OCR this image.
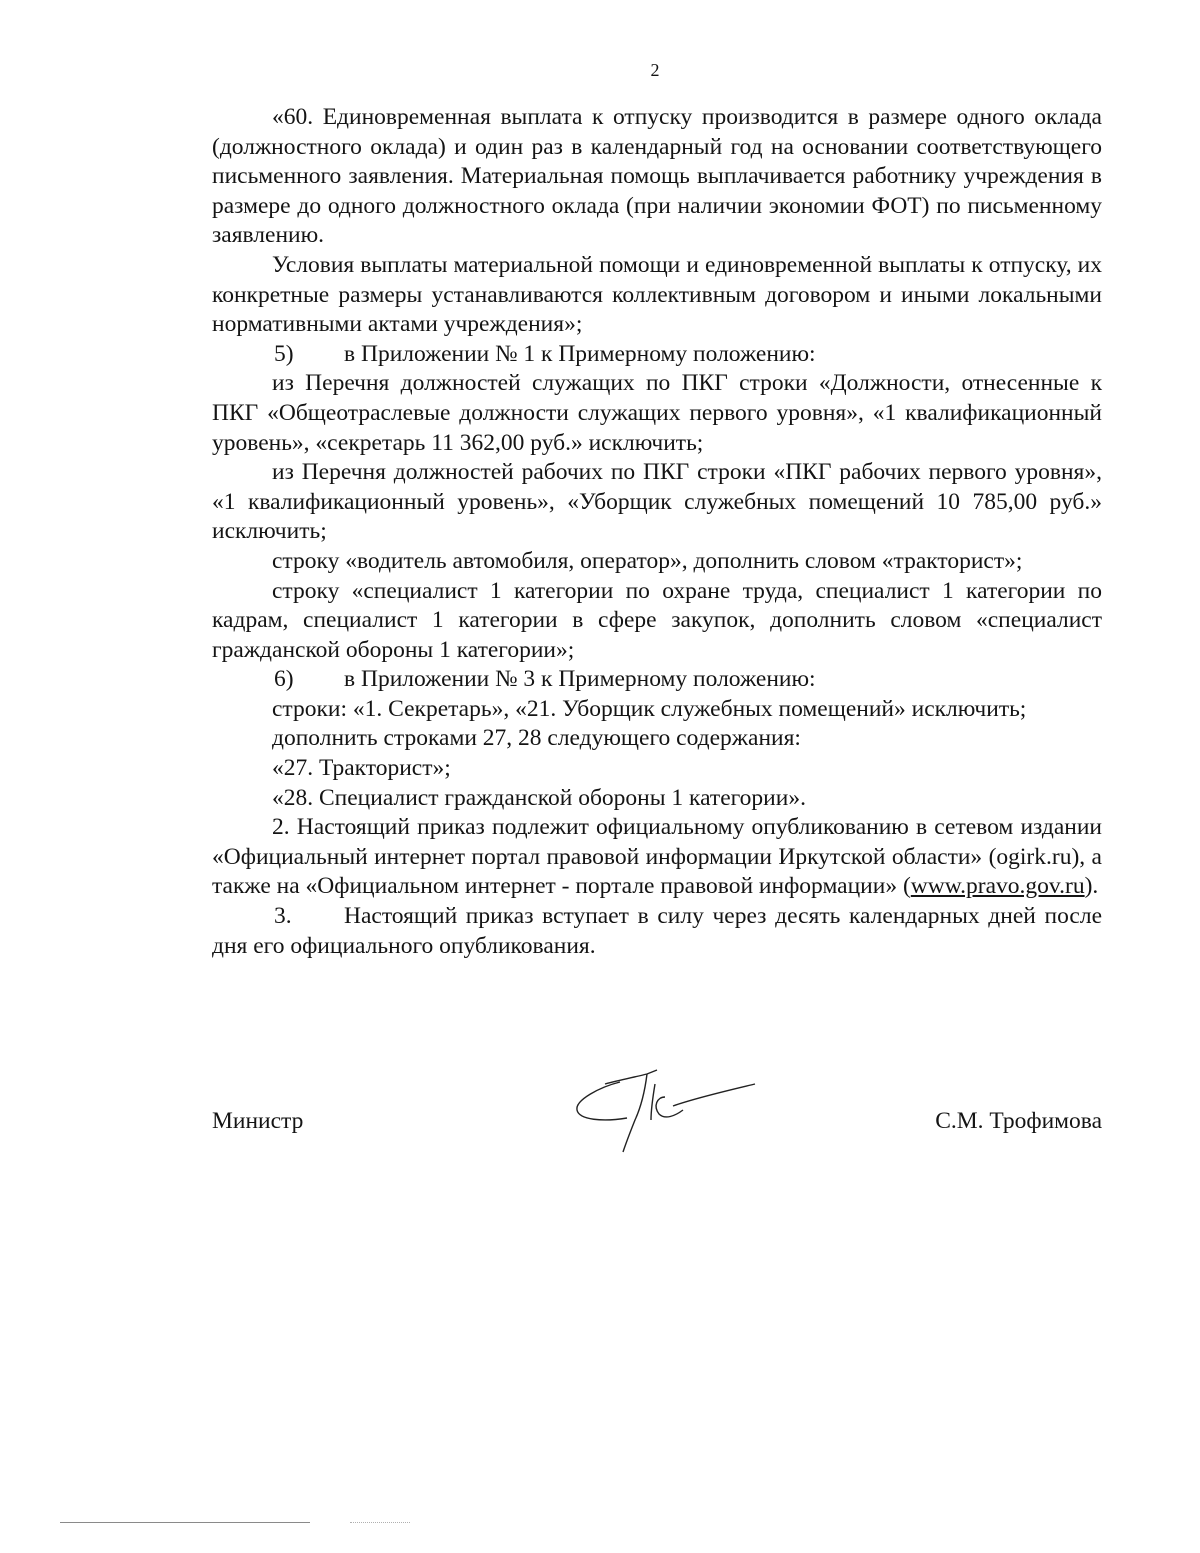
2

«60. Единовременная выплата к отпуску производится в размере одного оклада (должностного оклада) и один раз в календарный год на основании соответствующего письменного заявления. Материальная помощь выплачивается работнику учреждения в размере до одного должностного оклада (при наличии экономии ФОТ) по письменному заявлению.

Условия выплаты материальной помощи и единовременной выплаты к отпуску, их конкретные размеры устанавливаются коллективным договором и иными локальными нормативными актами учреждения»;

5) в Приложении № 1 к Примерному положению:

из Перечня должностей служащих по ПКГ строки «Должности, отнесенные к ПКГ «Общеотраслевые должности служащих первого уровня», «1 квалификационный уровень», «секретарь 11 362,00 руб.» исключить;

из Перечня должностей рабочих по ПКГ строки «ПКГ рабочих первого уровня», «1 квалификационный уровень», «Уборщик служебных помещений 10 785,00 руб.» исключить;

строку «водитель автомобиля, оператор», дополнить словом «тракторист»;

строку «специалист 1 категории по охране труда, специалист 1 категории по кадрам, специалист 1 категории в сфере закупок, дополнить словом «специалист гражданской обороны 1 категории»;

6) в Приложении № 3 к Примерному положению:

строки: «1. Секретарь», «21. Уборщик служебных помещений» исключить;

дополнить строками 27, 28 следующего содержания:

«27. Тракторист»;

«28. Специалист гражданской обороны 1 категории».

2. Настоящий приказ подлежит официальному опубликованию в сетевом издании «Официальный интернет портал правовой информации Иркутской области» (ogirk.ru), а также на «Официальном интернет - портале правовой информации» (www.pravo.gov.ru).

3. Настоящий приказ вступает в силу через десять календарных дней после дня его официального опубликования.

Министр	С.М. Трофимова
